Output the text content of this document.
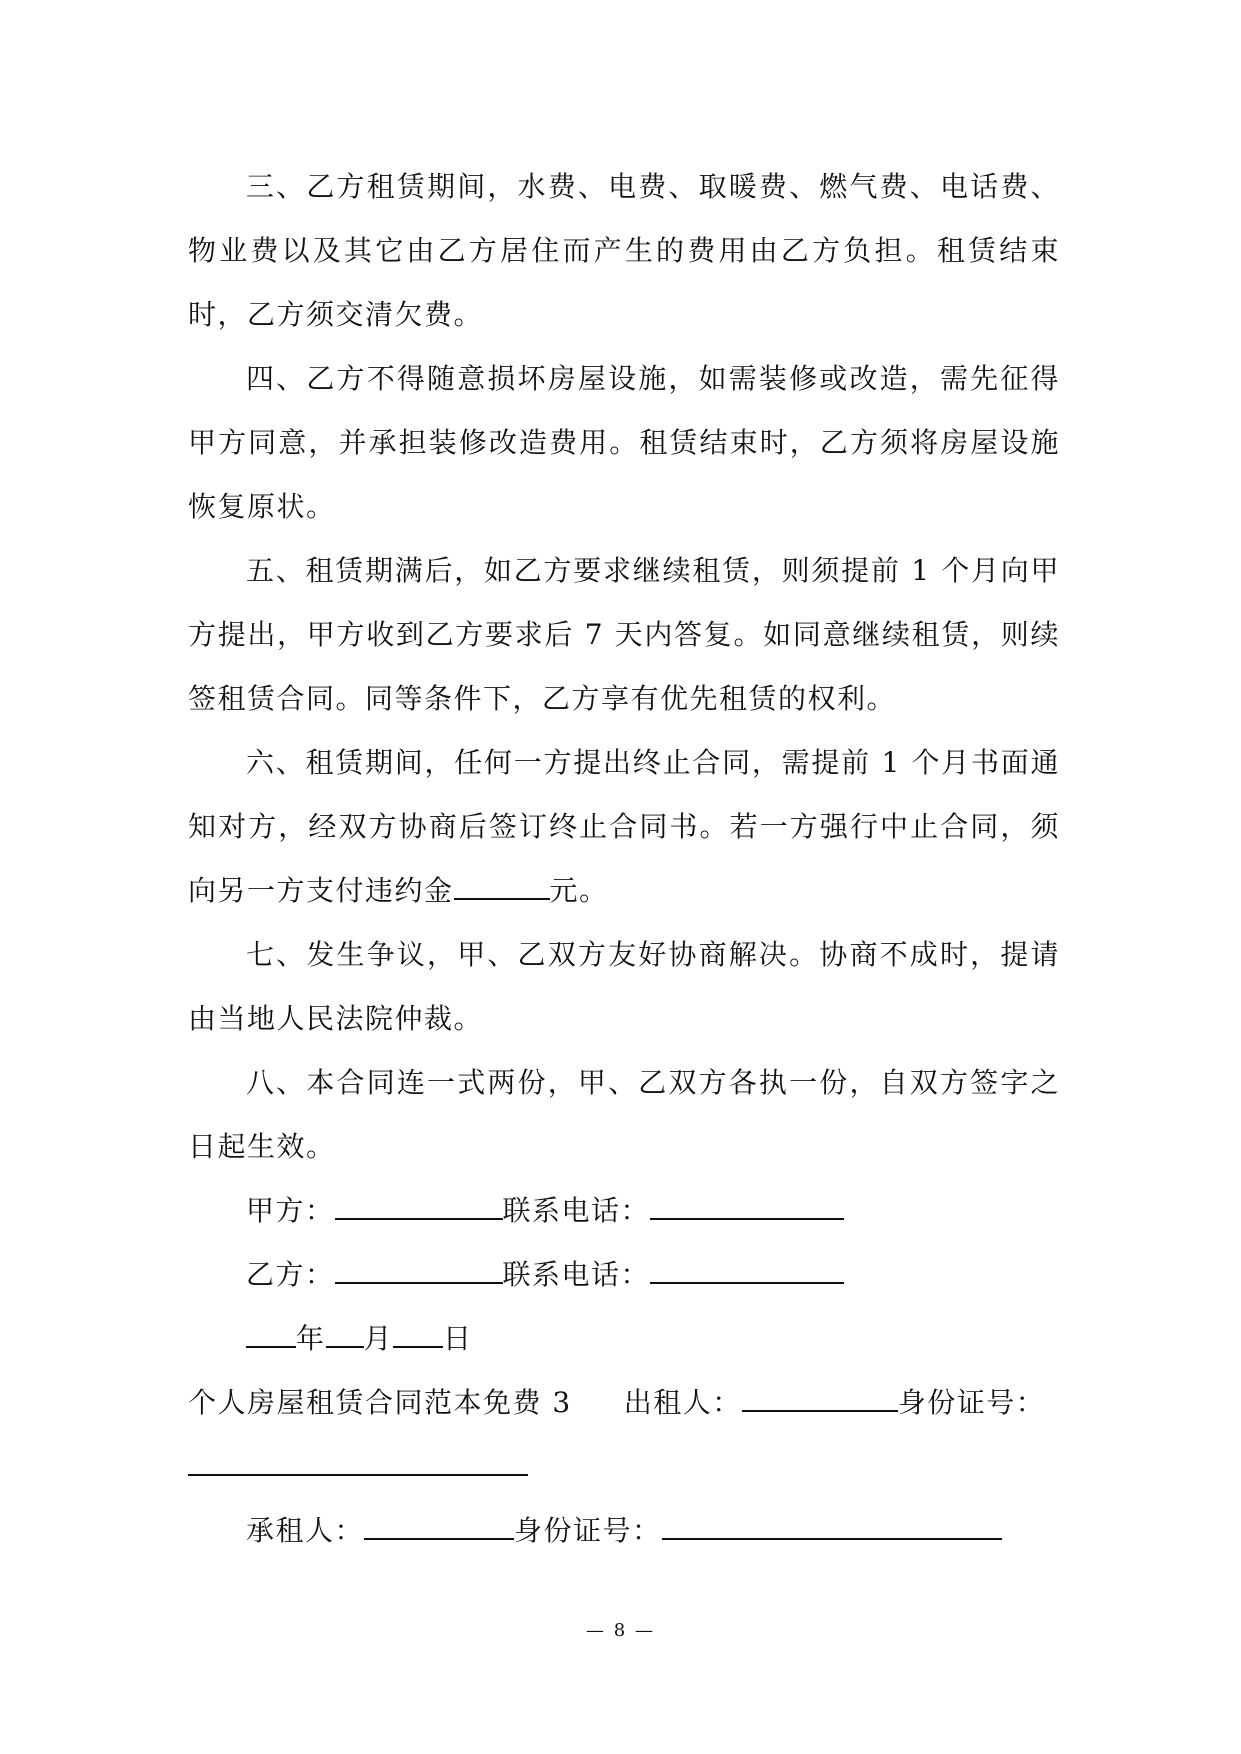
三、乙方租赁期间，水费、电费、取暖费、燃气费、电话费、物业费以及其它由乙方居住而产生的费用由乙方负担。租赁结束时，乙方须交清欠费。

四、乙方不得随意损坏房屋设施，如需装修或改造，需先征得甲方同意，并承担装修改造费用。租赁结束时，乙方须将房屋设施恢复原状。

五、租赁期满后，如乙方要求继续租赁，则须提前 1 个月向甲方提出，甲方收到乙方要求后 7 天内答复。如同意继续租赁，则续签租赁合同。同等条件下，乙方享有优先租赁的权利。

六、租赁期间，任何一方提出终止合同，需提前 1 个月书面通知对方，经双方协商后签订终止合同书。若一方强行中止合同，须向另一方支付违约金	元。

七、发生争议，甲、乙双方友好协商解决。协商不成时，提请由当地人民法院仲裁。

八、本合同连一式两份，甲、乙双方各执一份，自双方签字之日起生效。

甲方：	联系电话：

乙方：	联系电话：

年 月 日

个人房屋租赁合同范本免费 3 出租人：	身份证号：

承租人：	身份证号：

— 8 —
